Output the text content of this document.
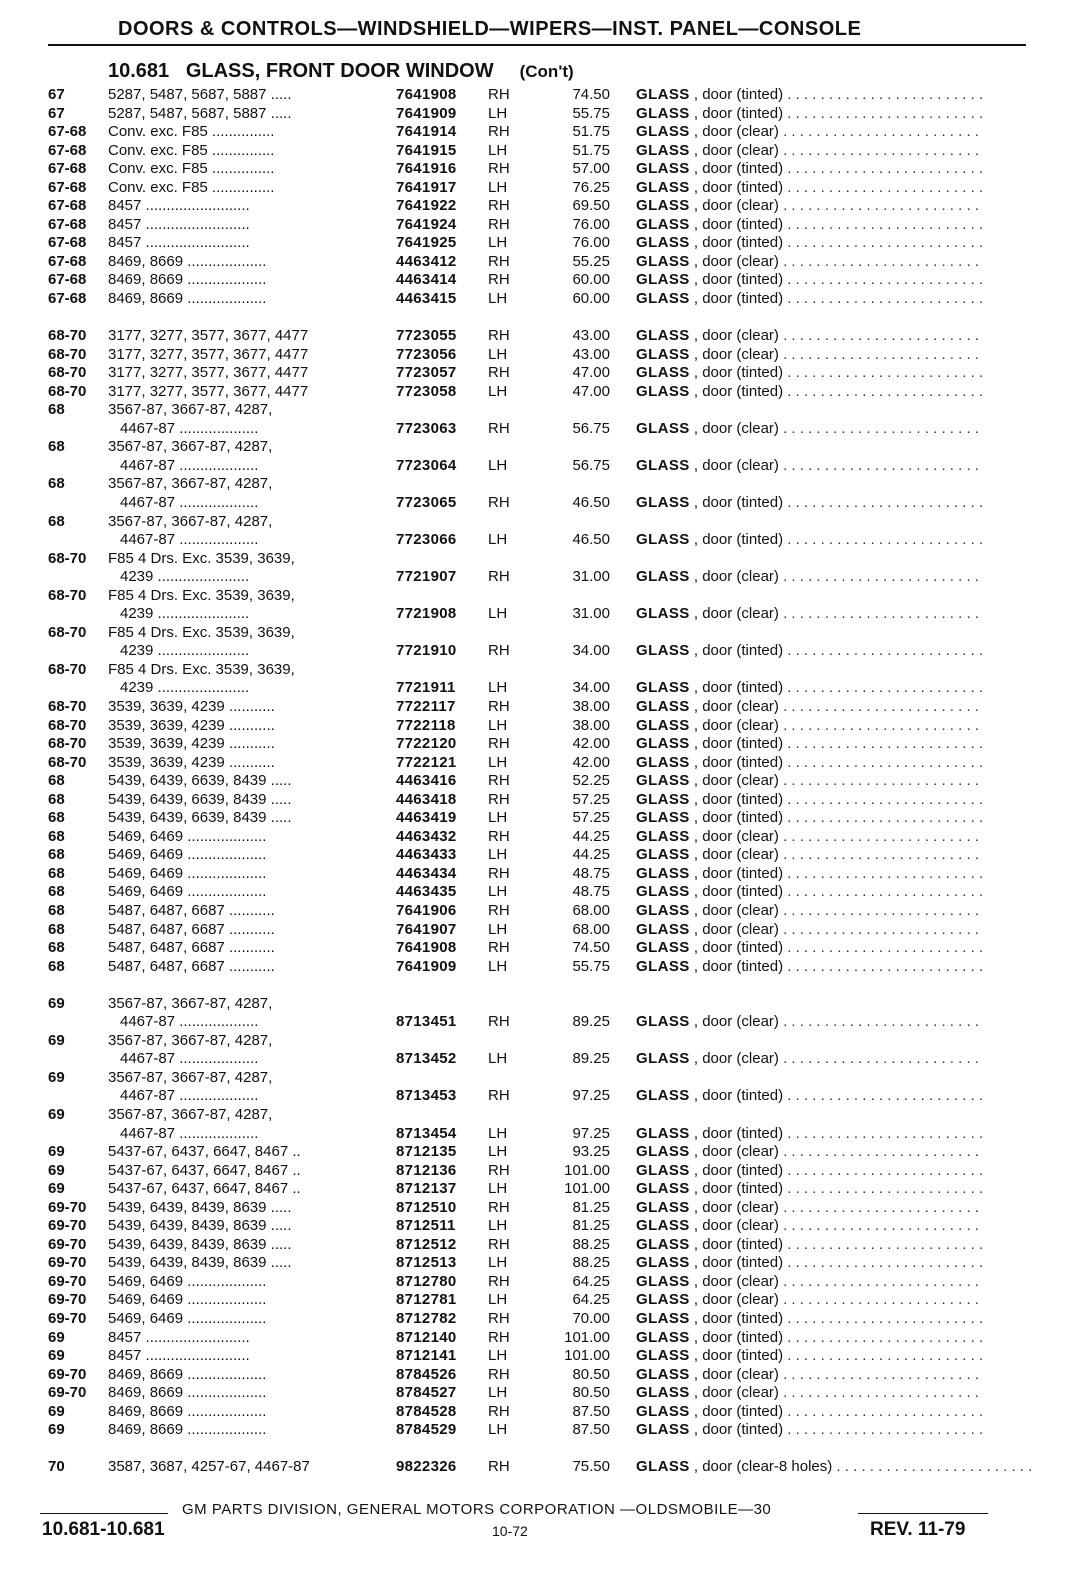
DOORS & CONTROLS—WINDSHIELD—WIPERS—INST. PANEL—CONSOLE
10.681   GLASS, FRONT DOOR WINDOW (Con't)
67	5287, 5487, 5687, 5887 .....	7641908 RH	74.50 GLASS , door (tinted) . . . . . . . . . . . . . . . . . . . . . . . .
67	5287, 5487, 5687, 5887 .....	7641909 LH	55.75 GLASS , door (tinted) . . . . . . . . . . . . . . . . . . . . . . . .
67-68 Conv. exc. F85 ...............	7641914 RH	51.75 GLASS , door (clear) . . . . . . . . . . . . . . . . . . . . . . . .
67-68 Conv. exc. F85 ...............	7641915 LH	51.75 GLASS , door (clear) . . . . . . . . . . . . . . . . . . . . . . . .
67-68 Conv. exc. F85 ...............	7641916 RH	57.00 GLASS , door (tinted) . . . . . . . . . . . . . . . . . . . . . . . .
67-68 Conv. exc. F85 ...............	7641917 LH	76.25 GLASS , door (tinted) . . . . . . . . . . . . . . . . . . . . . . . .
67-68 8457 .........................	7641922 RH	69.50 GLASS , door (clear) . . . . . . . . . . . . . . . . . . . . . . . .
67-68 8457 .........................	7641924 RH	76.00 GLASS , door (tinted) . . . . . . . . . . . . . . . . . . . . . . . .
67-68 8457 .........................	7641925 LH	76.00 GLASS , door (tinted) . . . . . . . . . . . . . . . . . . . . . . . .
67-68 8469, 8669 ...................	4463412 RH	55.25 GLASS , door (clear) . . . . . . . . . . . . . . . . . . . . . . . .
67-68 8469, 8669 ...................	4463414 RH	60.00 GLASS , door (tinted) . . . . . . . . . . . . . . . . . . . . . . . .
67-68 8469, 8669 ...................	4463415 LH	60.00 GLASS , door (tinted) . . . . . . . . . . . . . . . . . . . . . . . .
68-70 3177, 3277, 3577, 3677, 4477	7723055 RH	43.00 GLASS , door (clear) . . . . . . . . . . . . . . . . . . . . . . . .
68-70 3177, 3277, 3577, 3677, 4477	7723056 LH	43.00 GLASS , door (clear) . . . . . . . . . . . . . . . . . . . . . . . .
68-70 3177, 3277, 3577, 3677, 4477	7723057 RH	47.00 GLASS , door (tinted) . . . . . . . . . . . . . . . . . . . . . . . .
68-70 3177, 3277, 3577, 3677, 4477	7723058 LH	47.00 GLASS , door (tinted) . . . . . . . . . . . . . . . . . . . . . . . .
68	3567-87, 3667-87, 4287,
4467-87 ...................	7723063 RH	56.75 GLASS , door (clear) . . . . . . . . . . . . . . . . . . . . . . . .
68	3567-87, 3667-87, 4287,
4467-87 ...................	7723064 LH	56.75 GLASS , door (clear) . . . . . . . . . . . . . . . . . . . . . . . .
68	3567-87, 3667-87, 4287,
4467-87 ...................	7723065 RH	46.50 GLASS , door (tinted) . . . . . . . . . . . . . . . . . . . . . . . .
68	3567-87, 3667-87, 4287,
4467-87 ...................	7723066 LH	46.50 GLASS , door (tinted) . . . . . . . . . . . . . . . . . . . . . . . .
68-70 F85 4 Drs. Exc. 3539, 3639,
4239 ......................	7721907 RH	31.00 GLASS , door (clear) . . . . . . . . . . . . . . . . . . . . . . . .
68-70 F85 4 Drs. Exc. 3539, 3639,
4239 ......................	7721908 LH	31.00 GLASS , door (clear) . . . . . . . . . . . . . . . . . . . . . . . .
68-70 F85 4 Drs. Exc. 3539, 3639,
4239 ......................	7721910 RH	34.00 GLASS , door (tinted) . . . . . . . . . . . . . . . . . . . . . . . .
68-70 F85 4 Drs. Exc. 3539, 3639,
4239 ......................	7721911 LH	34.00 GLASS , door (tinted) . . . . . . . . . . . . . . . . . . . . . . . .
68-70 3539, 3639, 4239 ...........	7722117 RH	38.00 GLASS , door (clear) . . . . . . . . . . . . . . . . . . . . . . . .
68-70 3539, 3639, 4239 ...........	7722118 LH	38.00 GLASS , door (clear) . . . . . . . . . . . . . . . . . . . . . . . .
68-70 3539, 3639, 4239 ...........	7722120 RH	42.00 GLASS , door (tinted) . . . . . . . . . . . . . . . . . . . . . . . .
68-70 3539, 3639, 4239 ...........	7722121 LH	42.00 GLASS , door (tinted) . . . . . . . . . . . . . . . . . . . . . . . .
68	5439, 6439, 6639, 8439 .....	4463416 RH	52.25 GLASS , door (clear) . . . . . . . . . . . . . . . . . . . . . . . .
68	5439, 6439, 6639, 8439 .....	4463418 RH	57.25 GLASS , door (tinted) . . . . . . . . . . . . . . . . . . . . . . . .
68	5439, 6439, 6639, 8439 .....	4463419 LH	57.25 GLASS , door (tinted) . . . . . . . . . . . . . . . . . . . . . . . .
68	5469, 6469 ...................	4463432 RH	44.25 GLASS , door (clear) . . . . . . . . . . . . . . . . . . . . . . . .
68	5469, 6469 ...................	4463433 LH	44.25 GLASS , door (clear) . . . . . . . . . . . . . . . . . . . . . . . .
68	5469, 6469 ...................	4463434 RH	48.75 GLASS , door (tinted) . . . . . . . . . . . . . . . . . . . . . . . .
68	5469, 6469 ...................	4463435 LH	48.75 GLASS , door (tinted) . . . . . . . . . . . . . . . . . . . . . . . .
68	5487, 6487, 6687 ...........	7641906 RH	68.00 GLASS , door (clear) . . . . . . . . . . . . . . . . . . . . . . . .
68	5487, 6487, 6687 ...........	7641907 LH	68.00 GLASS , door (clear) . . . . . . . . . . . . . . . . . . . . . . . .
68	5487, 6487, 6687 ...........	7641908 RH	74.50 GLASS , door (tinted) . . . . . . . . . . . . . . . . . . . . . . . .
68	5487, 6487, 6687 ...........	7641909 LH	55.75 GLASS , door (tinted) . . . . . . . . . . . . . . . . . . . . . . . .
69	3567-87, 3667-87, 4287,
4467-87 ...................	8713451 RH	89.25 GLASS , door (clear) . . . . . . . . . . . . . . . . . . . . . . . .
69	3567-87, 3667-87, 4287,
4467-87 ...................	8713452 LH	89.25 GLASS , door (clear) . . . . . . . . . . . . . . . . . . . . . . . .
69	3567-87, 3667-87, 4287,
4467-87 ...................	8713453 RH	97.25 GLASS , door (tinted) . . . . . . . . . . . . . . . . . . . . . . . .
69	3567-87, 3667-87, 4287,
4467-87 ...................	8713454 LH	97.25 GLASS , door (tinted) . . . . . . . . . . . . . . . . . . . . . . . .
69	5437-67, 6437, 6647, 8467 ..	8712135 LH	93.25 GLASS , door (clear) . . . . . . . . . . . . . . . . . . . . . . . .
69	5437-67, 6437, 6647, 8467 ..	8712136 RH	101.00 GLASS , door (tinted) . . . . . . . . . . . . . . . . . . . . . . . .
69	5437-67, 6437, 6647, 8467 ..	8712137 LH	101.00 GLASS , door (tinted) . . . . . . . . . . . . . . . . . . . . . . . .
69-70 5439, 6439, 8439, 8639 .....	8712510 RH	81.25 GLASS , door (clear) . . . . . . . . . . . . . . . . . . . . . . . .
69-70 5439, 6439, 8439, 8639 .....	8712511 LH	81.25 GLASS , door (clear) . . . . . . . . . . . . . . . . . . . . . . . .
69-70 5439, 6439, 8439, 8639 .....	8712512 RH	88.25 GLASS , door (tinted) . . . . . . . . . . . . . . . . . . . . . . . .
69-70 5439, 6439, 8439, 8639 .....	8712513 LH	88.25 GLASS , door (tinted) . . . . . . . . . . . . . . . . . . . . . . . .
69-70 5469, 6469 ...................	8712780 RH	64.25 GLASS , door (clear) . . . . . . . . . . . . . . . . . . . . . . . .
69-70 5469, 6469 ...................	8712781 LH	64.25 GLASS , door (clear) . . . . . . . . . . . . . . . . . . . . . . . .
69-70 5469, 6469 ...................	8712782 RH	70.00 GLASS , door (tinted) . . . . . . . . . . . . . . . . . . . . . . . .
69	8457 .........................	8712140 RH	101.00 GLASS , door (tinted) . . . . . . . . . . . . . . . . . . . . . . . .
69	8457 .........................	8712141 LH	101.00 GLASS , door (tinted) . . . . . . . . . . . . . . . . . . . . . . . .
69-70 8469, 8669 ...................	8784526 RH	80.50 GLASS , door (clear) . . . . . . . . . . . . . . . . . . . . . . . .
69-70 8469, 8669 ...................	8784527 LH	80.50 GLASS , door (clear) . . . . . . . . . . . . . . . . . . . . . . . .
69	8469, 8669 ...................	8784528 RH	87.50 GLASS , door (tinted) . . . . . . . . . . . . . . . . . . . . . . . .
69	8469, 8669 ...................	8784529 LH	87.50 GLASS , door (tinted) . . . . . . . . . . . . . . . . . . . . . . . .
70	3587, 3687, 4257-67, 4467-87	9822326 RH	75.50 GLASS , door (clear-8 holes) . . . . . . . . . . . . . . . . . . . . . . . .
GM PARTS DIVISION, GENERAL MOTORS CORPORATION —OLDSMOBILE—30
10.681-10.681	10-72	REV. 11-79
